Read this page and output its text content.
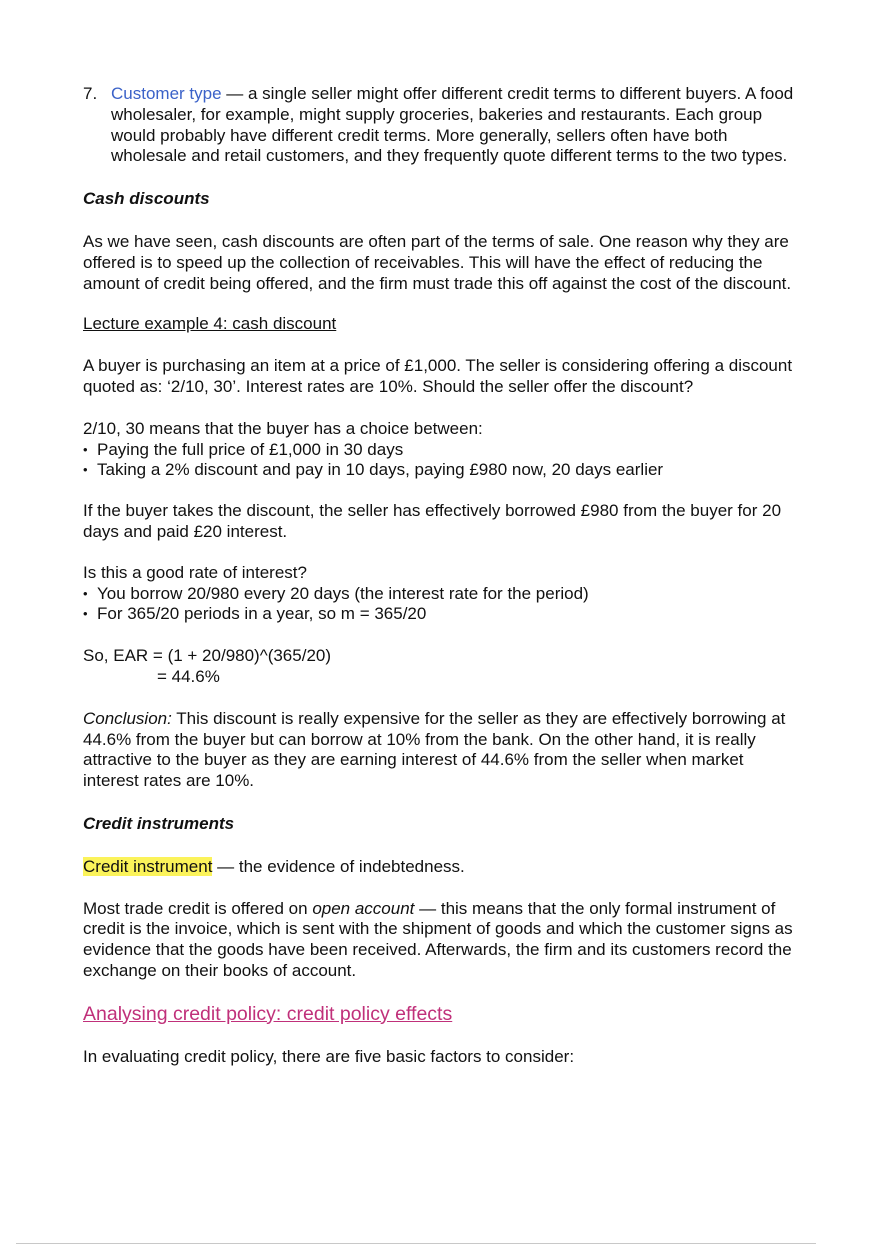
7. Customer type — a single seller might offer different credit terms to different buyers. A food wholesaler, for example, might supply groceries, bakeries and restaurants. Each group would probably have different credit terms. More generally, sellers often have both wholesale and retail customers, and they frequently quote different terms to the two types.

Cash discounts

As we have seen, cash discounts are often part of the terms of sale. One reason why they are offered is to speed up the collection of receivables. This will have the effect of reducing the amount of credit being offered, and the firm must trade this off against the cost of the discount.

Lecture example 4: cash discount

A buyer is purchasing an item at a price of £1,000. The seller is considering offering a discount quoted as: ‘2/10, 30’. Interest rates are 10%. Should the seller offer the discount?

2/10, 30 means that the buyer has a choice between:

• Paying the full price of £1,000 in 30 days

• Taking a 2% discount and pay in 10 days, paying £980 now, 20 days earlier

If the buyer takes the discount, the seller has effectively borrowed £980 from the buyer for 20 days and paid £20 interest.

Is this a good rate of interest?

• You borrow 20/980 every 20 days (the interest rate for the period)

• For 365/20 periods in a year, so m = 365/20

So, EAR = (1 + 20/980)^(365/20)

= 44.6%

Conclusion: This discount is really expensive for the seller as they are effectively borrowing at 44.6% from the buyer but can borrow at 10% from the bank. On the other hand, it is really attractive to the buyer as they are earning interest of 44.6% from the seller when market interest rates are 10%.

Credit instruments

Credit instrument — the evidence of indebtedness.

Most trade credit is offered on open account — this means that the only formal instrument of credit is the invoice, which is sent with the shipment of goods and which the customer signs as evidence that the goods have been received. Afterwards, the firm and its customers record the exchange on their books of account.

Analysing credit policy: credit policy effects

In evaluating credit policy, there are five basic factors to consider:
